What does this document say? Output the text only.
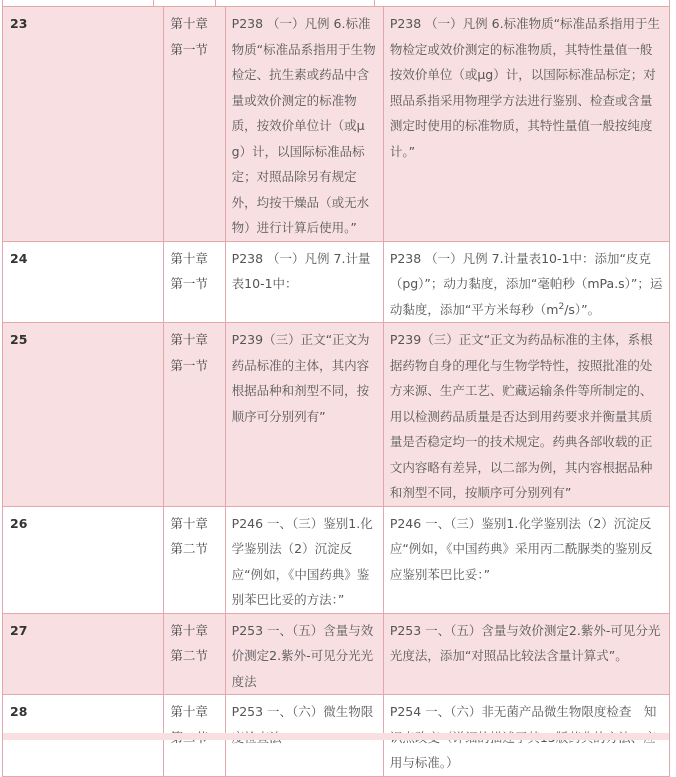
23	第十章
第一节	P238 （一）凡例 6.标准物质“标准品系指用于生物检定、抗生素或药品中含量或效价测定的标准物质，按效价单位计（或μg）计，以国际标准品标定；对照品除另有规定外，均按干燥品（或无水物）进行计算后使用。”	P238 （一）凡例 6.标准物质“标准品系指用于生物检定或效价测定的标准物质，其特性量值一般按效价单位（或μg）计，以国际标准品标定；对照品系指采用物理学方法进行鉴别、检查或含量测定时使用的标准物质，其特性量值一般按纯度计。”
24	第十章
第一节	P238 （一）凡例 7.计量表10-1中：	P238 （一）凡例 7.计量表10-1中：添加“皮克（pg）”；动力黏度，添加“毫帕秒（mPa.s）”；运动黏度，添加“平方米每秒$(m^2/s)$”。
25	第十章
第一节	P239（三）正文“正文为药品标准的主体，其内容根据品种和剂型不同，按顺序可分别列有”	P239（三）正文“正文为药品标准的主体，系根据药物自身的理化与生物学特性，按照批准的处方来源、生产工艺、贮藏运输条件等所制定的、用以检测药品质量是否达到用药要求并衡量其质量是否稳定均一的技术规定。药典各部收载的正文内容略有差异，以二部为例，其内容根据品种和剂型不同，按顺序可分别列有”
26	第十章
第二节	P246 一、（三）鉴别1.化学鉴别法（2）沉淀反应“例如，《中国药典》鉴别苯巴比妥的方法：”	P246 一、（三）鉴别1.化学鉴别法（2）沉淀反应“例如，《中国药典》采用丙二酰脲类的鉴别反应鉴别苯巴比妥：”
27	第十章
第二节	P253 一、（五）含量与效价测定2.紫外-可见分光光度法	P253 一、（五）含量与效价测定2.紫外-可见分光光度法，添加“对照品比较法含量计算式”。
28	第十章	P253 一、（六）微生物限	P254 一、（六）非无菌产品微生物限度检查　知 用与标准。）
